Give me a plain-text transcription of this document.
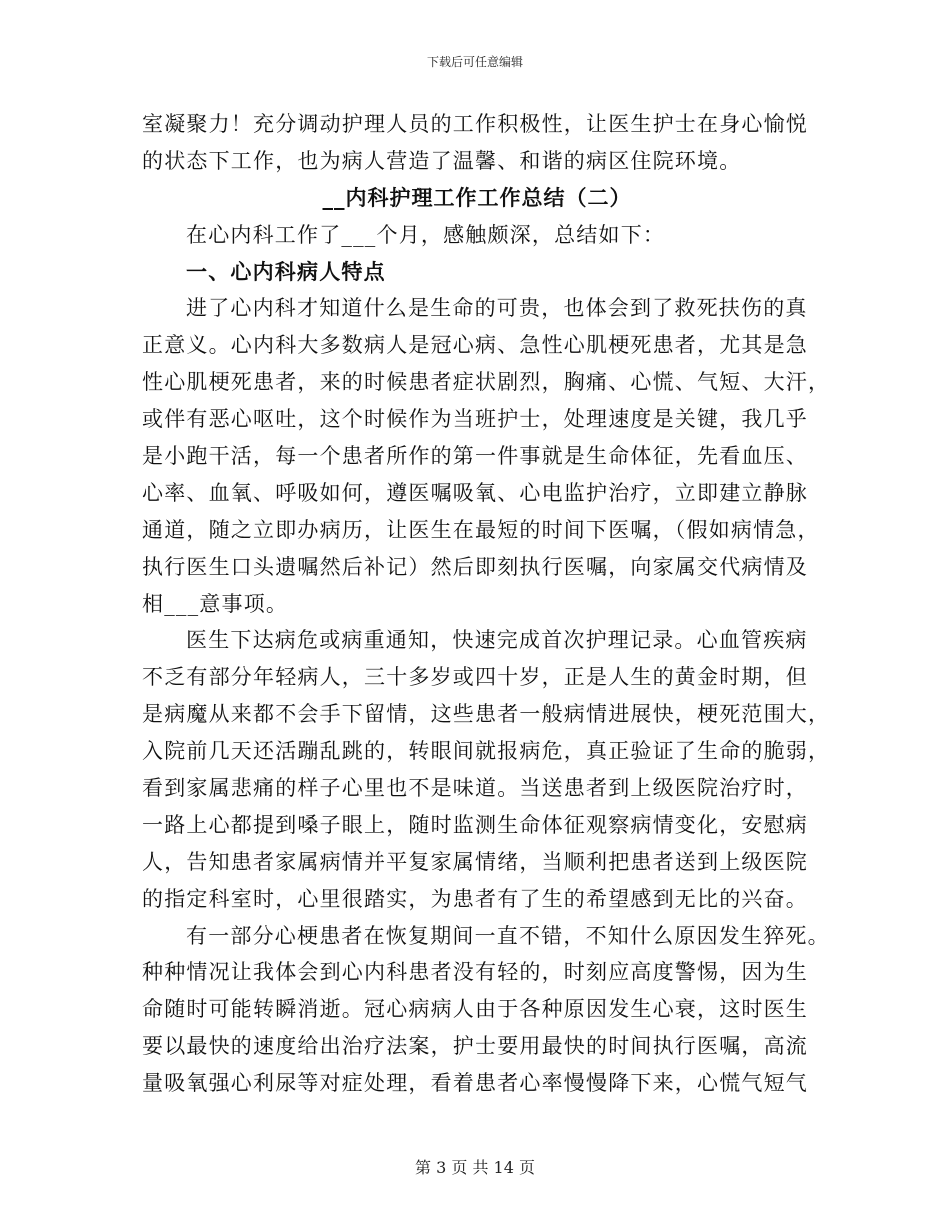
下载后可任意编辑
室凝聚力！充分调动护理人员的工作积极性，让医生护士在身心愉悦
的状态下工作，也为病人营造了温馨、和谐的病区住院环境。
__内科护理工作工作总结（二）
在心内科工作了___个月，感触颇深，总结如下：
一、心内科病人特点
进了心内科才知道什么是生命的可贵，也体会到了救死扶伤的真
正意义。心内科大多数病人是冠心病、急性心肌梗死患者，尤其是急
性心肌梗死患者，来的时候患者症状剧烈，胸痛、心慌、气短、大汗，
或伴有恶心呕吐，这个时候作为当班护士，处理速度是关键，我几乎
是小跑干活，每一个患者所作的第一件事就是生命体征，先看血压、
心率、血氧、呼吸如何，遵医嘱吸氧、心电监护治疗，立即建立静脉
通道，随之立即办病历，让医生在最短的时间下医嘱，（假如病情急，
执行医生口头遗嘱然后补记）然后即刻执行医嘱，向家属交代病情及
相___意事项。
医生下达病危或病重通知，快速完成首次护理记录。心血管疾病
不乏有部分年轻病人，三十多岁或四十岁，正是人生的黄金时期，但
是病魔从来都不会手下留情，这些患者一般病情进展快，梗死范围大，
入院前几天还活蹦乱跳的，转眼间就报病危，真正验证了生命的脆弱，
看到家属悲痛的样子心里也不是味道。当送患者到上级医院治疗时，
一路上心都提到嗓子眼上，随时监测生命体征观察病情变化，安慰病
人，告知患者家属病情并平复家属情绪，当顺利把患者送到上级医院
的指定科室时，心里很踏实，为患者有了生的希望感到无比的兴奋。
有一部分心梗患者在恢复期间一直不错，不知什么原因发生猝死。
种种情况让我体会到心内科患者没有轻的，时刻应高度警惕，因为生
命随时可能转瞬消逝。冠心病病人由于各种原因发生心衰，这时医生
要以最快的速度给出治疗法案，护士要用最快的时间执行医嘱，高流
量吸氧强心利尿等对症处理，看着患者心率慢慢降下来，心慌气短气
第 3 页 共 14 页
